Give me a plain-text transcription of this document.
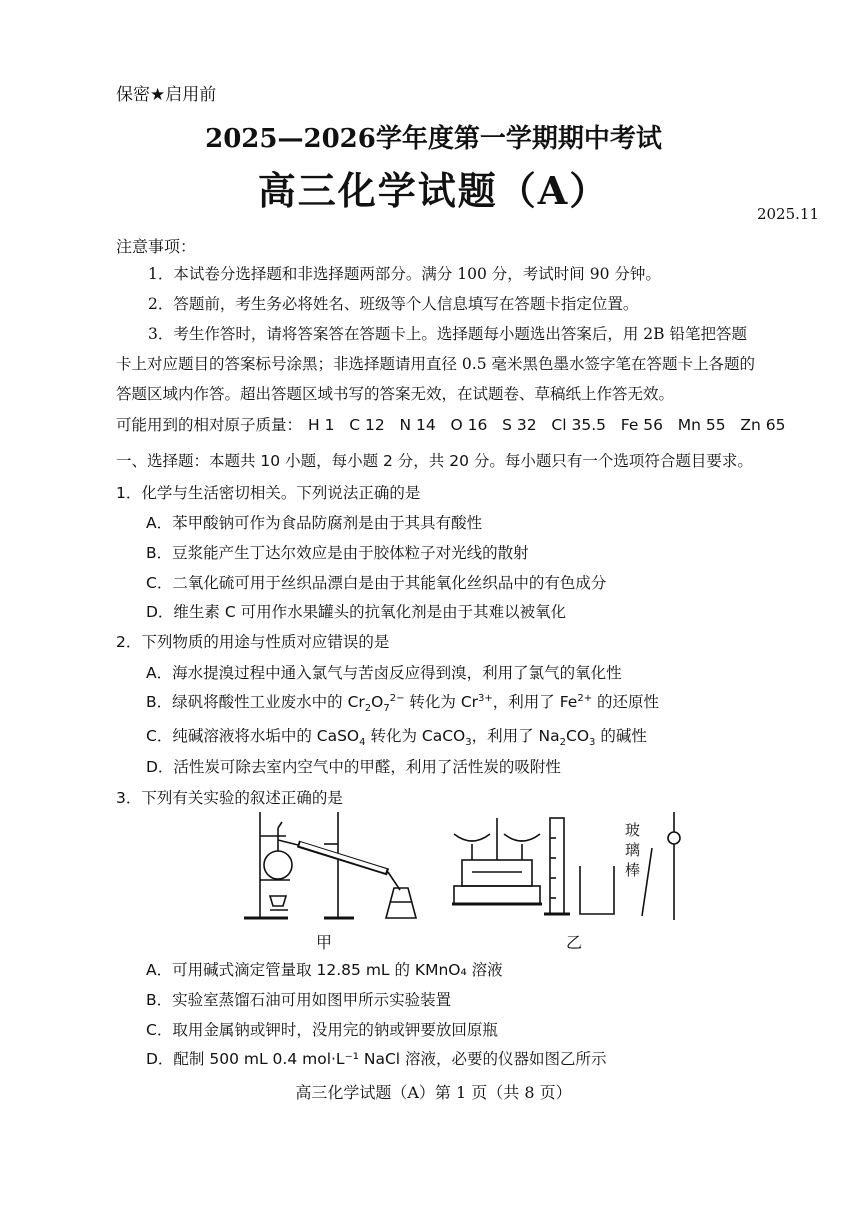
保密★启用前
2025—2026学年度第一学期期中考试
高三化学试题（A）
2025.11
注意事项：
1．本试卷分选择题和非选择题两部分。满分 100 分，考试时间 90 分钟。
2．答题前，考生务必将姓名、班级等个人信息填写在答题卡指定位置。
3．考生作答时，请将答案答在答题卡上。选择题每小题选出答案后，用 2B 铅笔把答题
卡上对应题目的答案标号涂黑；非选择题请用直径 0.5 毫米黑色墨水签字笔在答题卡上各题的
答题区域内作答。超出答题区域书写的答案无效，在试题卷、草稿纸上作答无效。
可能用到的相对原子质量： H 1   C 12   N 14   O 16   S 32   Cl 35.5   Fe 56   Mn 55   Zn 65
一、选择题：本题共 10 小题，每小题 2 分，共 20 分。每小题只有一个选项符合题目要求。
1．化学与生活密切相关。下列说法正确的是
A．苯甲酸钠可作为食品防腐剂是由于其具有酸性
B．豆浆能产生丁达尔效应是由于胶体粒子对光线的散射
C．二氧化硫可用于丝织品漂白是由于其能氧化丝织品中的有色成分
D．维生素 C 可用作水果罐头的抗氧化剂是由于其难以被氧化
2．下列物质的用途与性质对应错误的是
A．海水提溴过程中通入氯气与苦卤反应得到溴，利用了氯气的氧化性
B．绿矾将酸性工业废水中的 $Cr_2O_7^{2-}$ 转化为 $Cr^{3+}$，利用了 $Fe^{2+}$ 的还原性
C．纯碱溶液将水垢中的 CaSO$_4$ 转化为 CaCO$_3$，利用了 $Na_2CO_3$ 的碱性
D．活性炭可除去室内空气中的甲醛，利用了活性炭的吸附性
3．下列有关实验的叙述正确的是
甲
玻璃棒
乙
A．可用碱式滴定管量取 12.85 mL 的 KMnO₄ 溶液
B．实验室蒸馏石油可用如图甲所示实验装置
C．取用金属钠或钾时，没用完的钠或钾要放回原瓶
D．配制 500 mL 0.4 mol·L⁻¹ NaCl 溶液，必要的仪器如图乙所示
高三化学试题（A）第 1 页（共 8 页）
